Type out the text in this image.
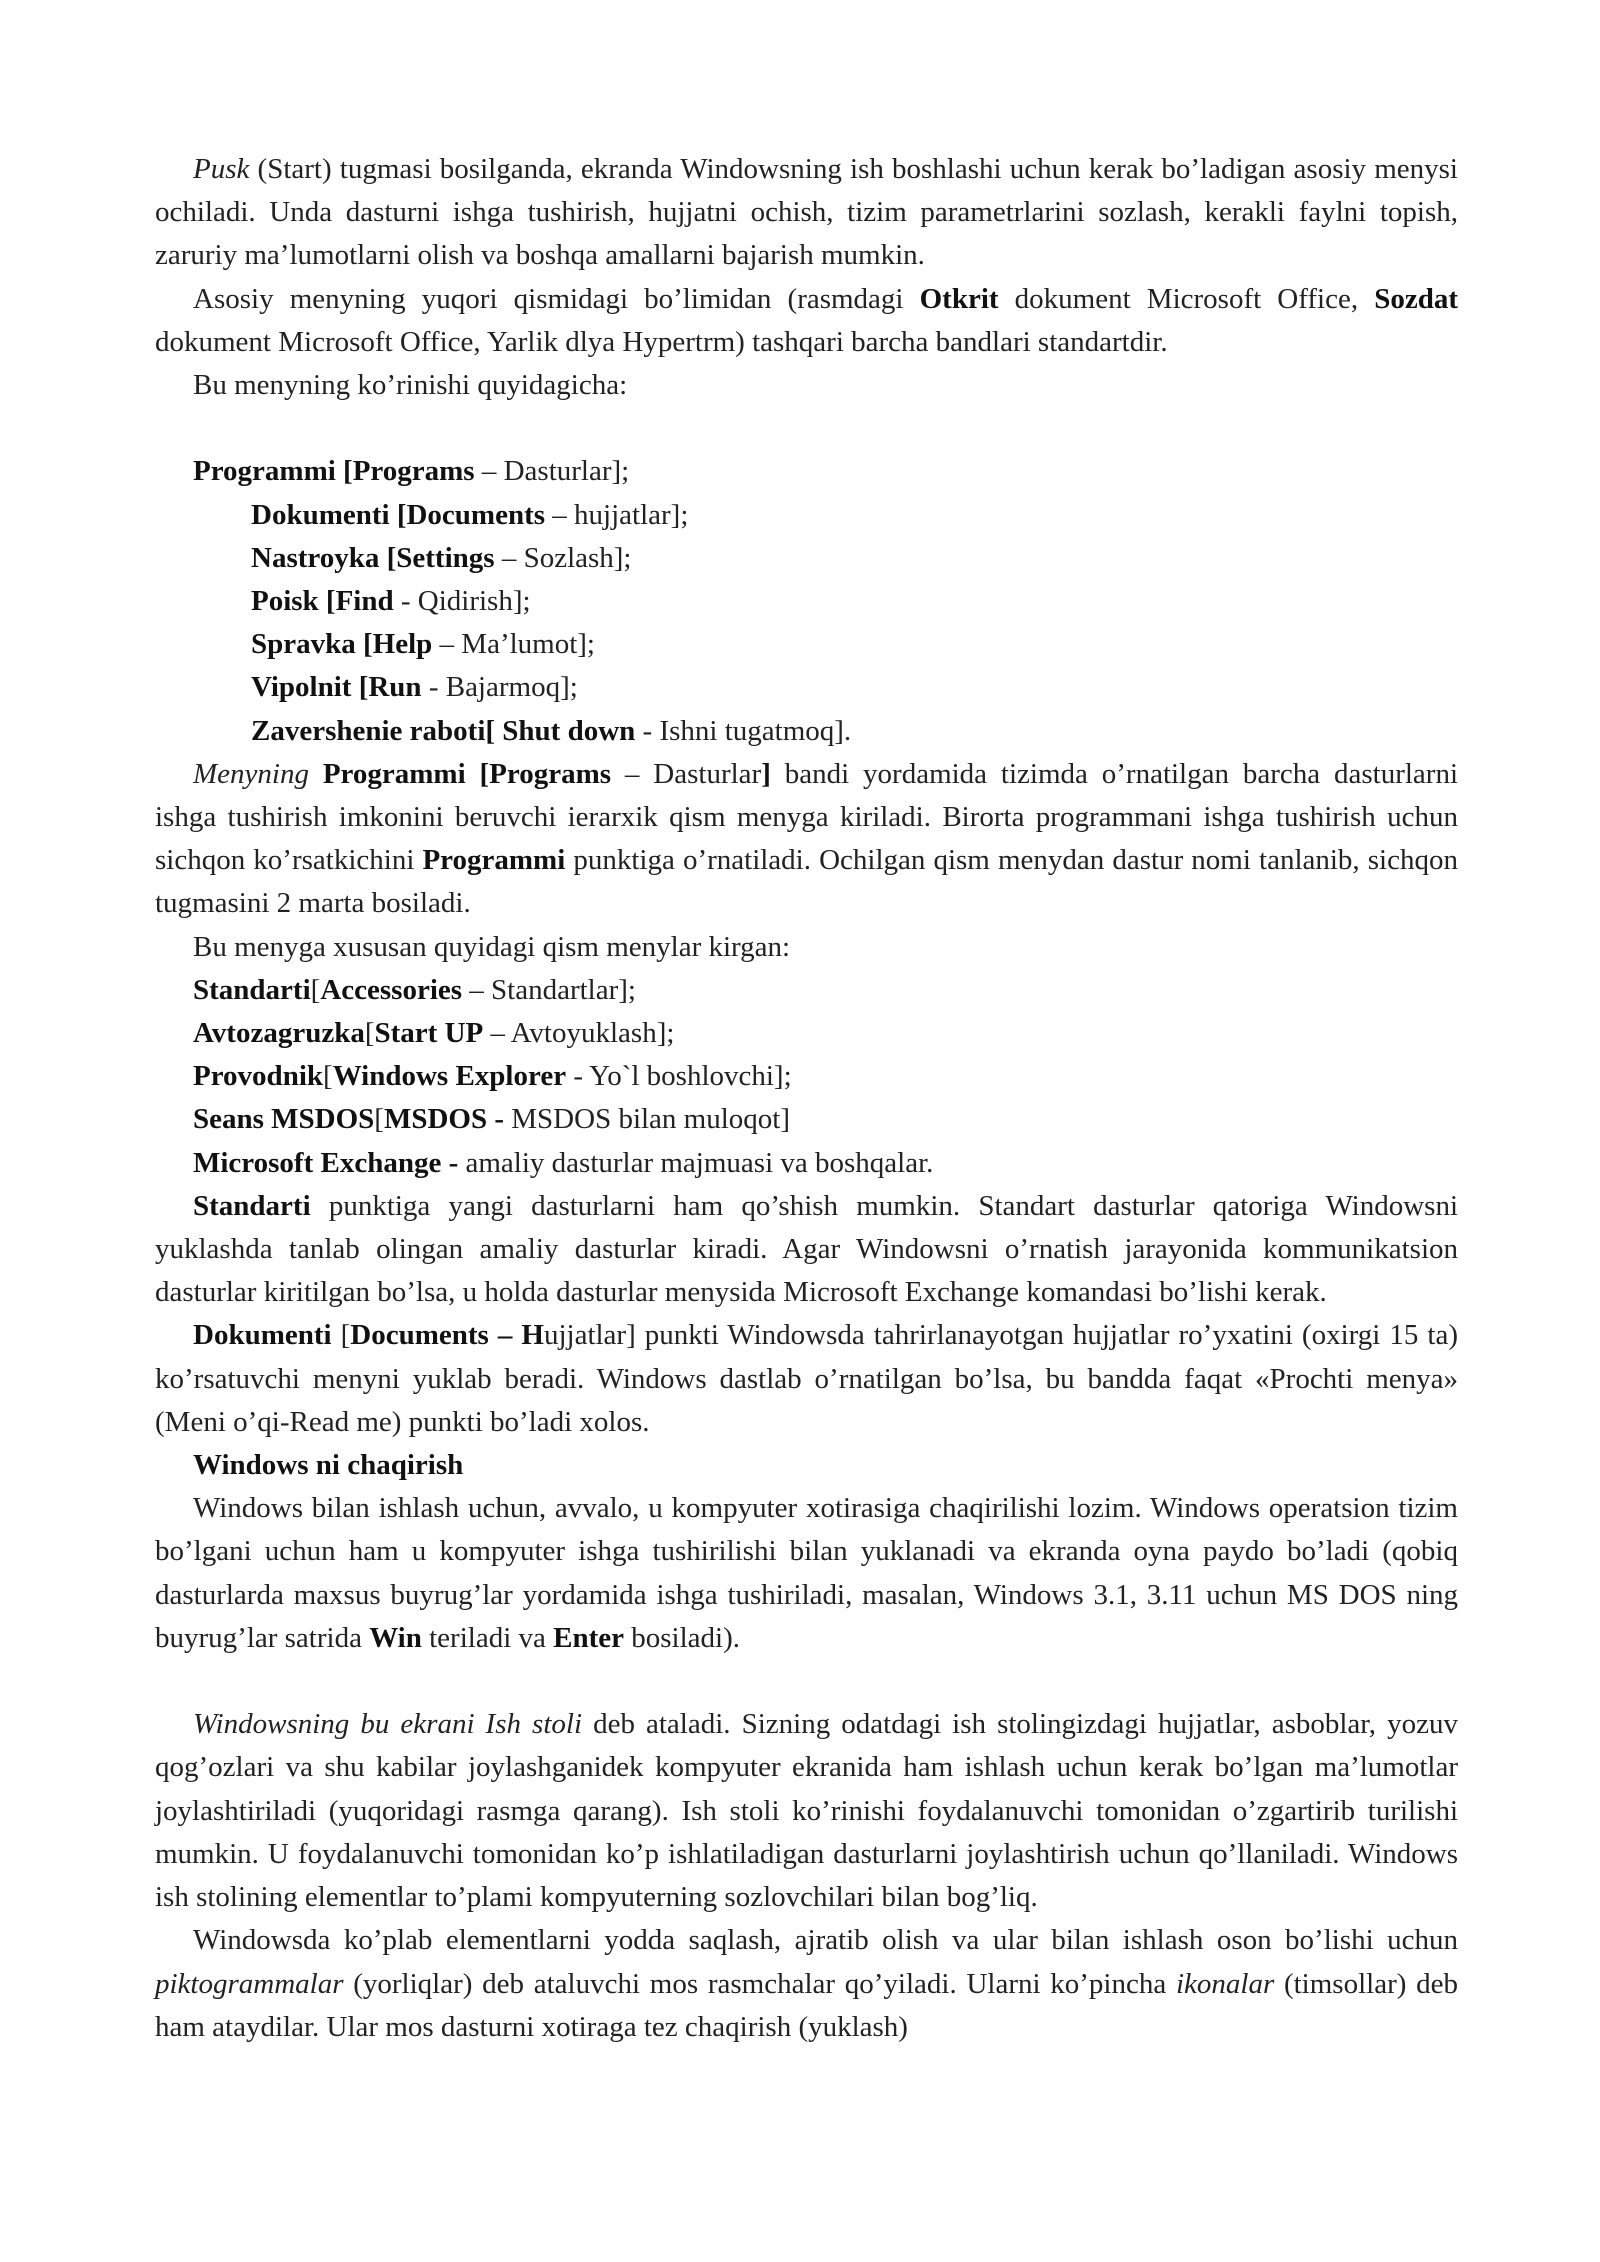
Pusk (Start) tugmasi bosilganda, ekranda Windowsning ish boshlashi uchun kerak bo’ladigan asosiy menysi ochiladi. Unda dasturni ishga tushirish, hujjatni ochish, tizim parametrlarini sozlash, kerakli faylni topish, zaruriy ma’lumotlarni olish va boshqa amallarni bajarish mumkin.

Asosiy menyning yuqori qismidagi bo’limidan (rasmdagi Otkrit dokument Microsoft Office, Sozdat dokument Microsoft Office, Yarlik dlya Hypertrm) tashqari barcha bandlari standartdir.

Bu menyning ko’rinishi quyidagicha:

Programmi [Programs – Dasturlar];
Dokumenti [Documents – hujjatlar];
Nastroyka [Settings – Sozlash];
Poisk [Find - Qidirish];
Spravka [Help – Ma’lumot];
Vipolnit [Run - Bajarmoq];
Zavershenie raboti[ Shut down - Ishni tugatmoq].

Menyning Programmi [Programs – Dasturlar] bandi yordamida tizimda o’rnatilgan barcha dasturlarni ishga tushirish imkonini beruvchi ierarxik qism menyga kiriladi. Birorta programmani ishga tushirish uchun sichqon ko’rsatkichini Programmi punktiga o’rnatiladi. Ochilgan qism menydan dastur nomi tanlanib, sichqon tugmasini 2 marta bosiladi.

Bu menyga xususan quyidagi qism menylar kirgan:

Standarti[Accessories – Standartlar];
Avtozagruzka[Start UP – Avtoyuklash];
Provodnik[Windows Explorer - Yo`l boshlovchi];
Seans MSDOS[MSDOS - MSDOS bilan muloqot]
Microsoft Exchange - amaliy dasturlar majmuasi va boshqalar.

Standarti punktiga yangi dasturlarni ham qo’shish mumkin. Standart dasturlar qatoriga Windowsni yuklashda tanlab olingan amaliy dasturlar kiradi. Agar Windowsni o’rnatish jarayonida kommunikatsion dasturlar kiritilgan bo’lsa, u holda dasturlar menysida Microsoft Exchange komandasi bo’lishi kerak.

Dokumenti [Documents – Hujjatlar] punkti Windowsda tahrirlanayotgan hujjatlar ro’yxatini (oxirgi 15 ta) ko’rsatuvchi menyni yuklab beradi. Windows dastlab o’rnatilgan bo’lsa, bu bandda faqat «Prochti menya» (Meni o’qi-Read me) punkti bo’ladi xolos.

Windows ni chaqirish

Windows bilan ishlash uchun, avvalo, u kompyuter xotirasiga chaqirilishi lozim. Windows operatsion tizim bo’lgani uchun ham u kompyuter ishga tushirilishi bilan yuklanadi va ekranda oyna paydo bo’ladi (qobiq dasturlarda maxsus buyrug’lar yordamida ishga tushiriladi, masalan, Windows 3.1, 3.11 uchun MS DOS ning buyrug’lar satrida Win teriladi va Enter bosiladi).

Windowsning bu ekrani Ish stoli deb ataladi. Sizning odatdagi ish stolingizdagi hujjatlar, asboblar, yozuv qog’ozlari va shu kabilar joylashganidek kompyuter ekranida ham ishlash uchun kerak bo’lgan ma’lumotlar joylashtiriladi (yuqoridagi rasmga qarang). Ish stoli ko’rinishi foydalanuvchi tomonidan o’zgartirib turilishi mumkin. U foydalanuvchi tomonidan ko’p ishlatiladigan dasturlarni joylashtirish uchun qo’llaniladi. Windows ish stolining elementlar to’plami kompyuterning sozlovchilari bilan bog’liq.

Windowsda ko’plab elementlarni yodda saqlash, ajratib olish va ular bilan ishlash oson bo’lishi uchun piktogrammalar (yorliqlar) deb ataluvchi mos rasmchalar qo’yiladi. Ularni ko’pincha ikonalar (timsollar) deb ham ataydilar. Ular mos dasturni xotiraga tez chaqirish (yuklash)
